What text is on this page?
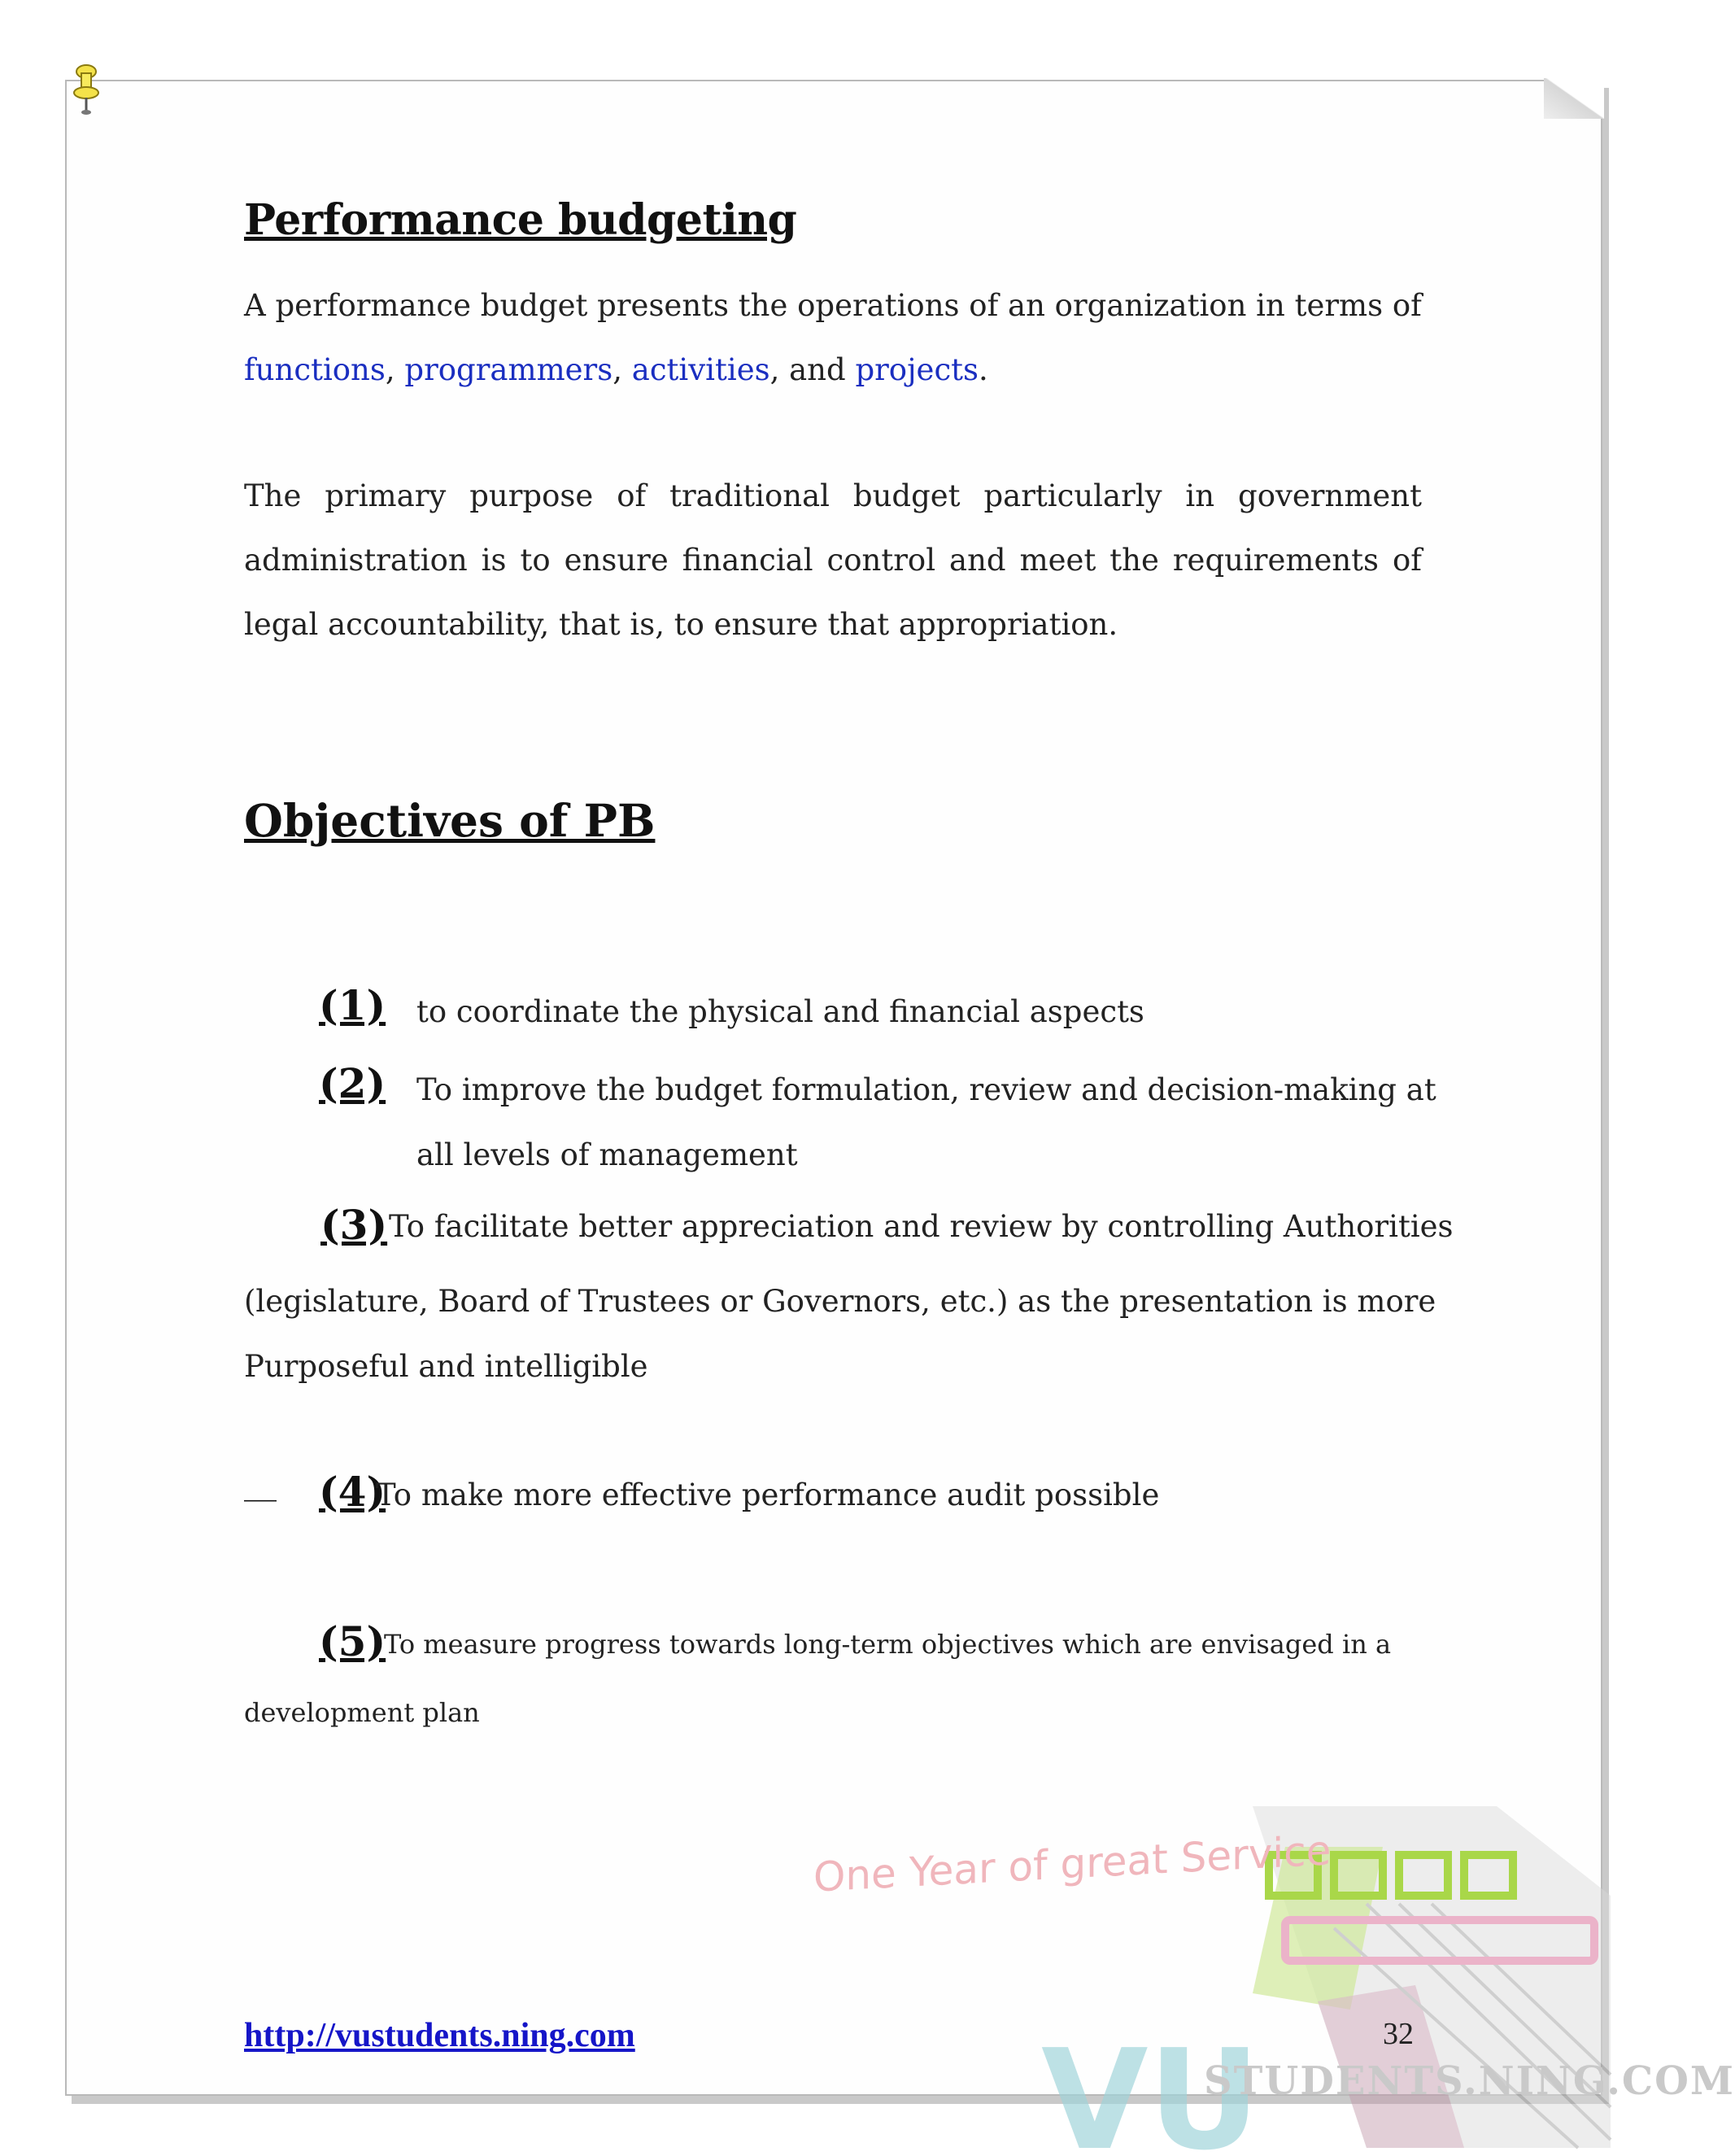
Performance budgeting

A performance budget presents the operations of an organization in terms of
functions, programmers, activities, and projects.

The primary purpose of traditional budget particularly in government administration is to ensure financial control and meet the requirements of legal accountability, that is, to ensure that appropriation.

Objectives of PB
(1) to coordinate the physical and financial aspects

(2) To improve the budget formulation, review and decision-making at

all levels of management

(3) To facilitate better appreciation and review by controlling Authorities

(legislature, Board of Trustees or Governors, etc.) as the presentation is more

Purposeful and intelligible

__ (4)

To make more effective performance audit possible

(5)

To measure progress towards long-term objectives which are envisaged in a

development plan

VU
One Year of great Service
STUDENTS.NING.COM
http://vustudents.ning.com	32
